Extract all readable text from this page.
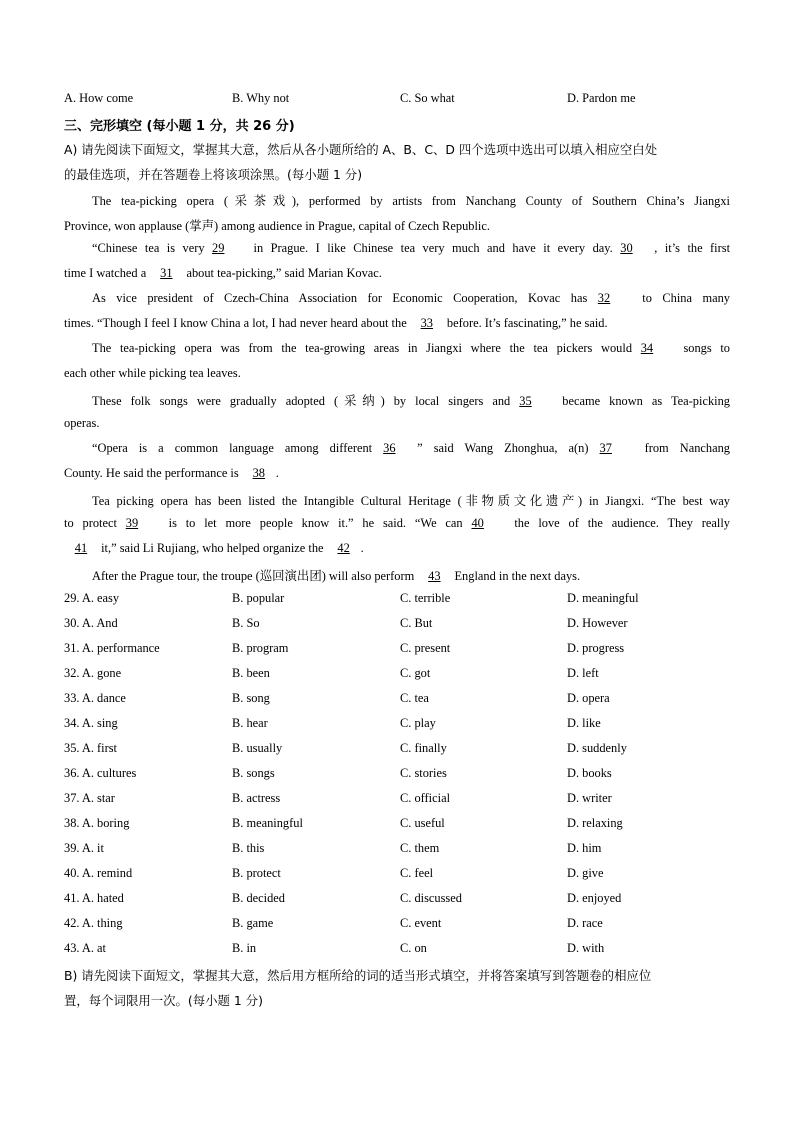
A. How come	B. Why not	C. So what	D. Pardon me
三、完形填空 (每小题 1 分，共 26 分)
A) 请先阅读下面短文，掌握其大意，然后从各小题所给的 A、B、C、D 四个选项中选出可以填入相应空白处
的最佳选项，并在答题卷上将该项涂黑。(每小题 1 分)
The tea-picking opera (采茶戏), performed by artists from Nanchang County of Southern China’s Jiangxi
Province, won applause (掌声) among audience in Prague, capital of Czech Republic.
“Chinese tea is very 29 in Prague. I like Chinese tea very much and have it every day. 30 , it’s the first
time I watched a 31 about tea-picking,” said Marian Kovac.
As vice president of Czech-China Association for Economic Cooperation, Kovac has 32	to China many
times. “Though I feel I know China a lot, I had never heard about the 33 before. It’s fascinating,” he said.
The tea-picking opera was from the tea-growing areas in Jiangxi where the tea pickers would 34 songs to
each other while picking tea leaves.
These folk songs were gradually adopted (采纳) by local singers and 35 became known as Tea-picking
operas.
“Opera is a common language among different 36 ” said Wang Zhonghua, a(n) 37	from Nanchang
County. He said the performance is 38 .
Tea picking opera has been listed the Intangible Cultural Heritage (非物质文化遗产) in Jiangxi. “The best way
to protect 39 is to let more people know it.” he said. “We can 40 the love of the audience. They really
41 it,” said Li Rujiang, who helped organize the 42 .
After the Prague tour, the troupe (巡回演出团) will also perform 43 England in the next days.
29. A. easy	B. popular	C. terrible	D. meaningful
30. A. And	B. So	C. But	D. However
31. A. performance	B. program	C. present	D. progress
32. A. gone	B. been	C. got	D. left
33. A. dance	B. song	C. tea	D. opera
34. A. sing	B. hear	C. play	D. like
35. A. first	B. usually	C. finally	D. suddenly
36. A. cultures	B. songs	C. stories	D. books
37. A. star	B. actress	C. official	D. writer
38. A. boring	B. meaningful	C. useful	D. relaxing
39. A. it	B. this	C. them	D. him
40. A. remind	B. protect	C. feel	D. give
41. A. hated	B. decided	C. discussed	D. enjoyed
42. A. thing	B. game	C. event	D. race
43. A. at	B. in	C. on	D. with
B) 请先阅读下面短文，掌握其大意，然后用方框所给的词的适当形式填空，并将答案填写到答题卷的相应位
置，每个词限用一次。(每小题 1 分)
